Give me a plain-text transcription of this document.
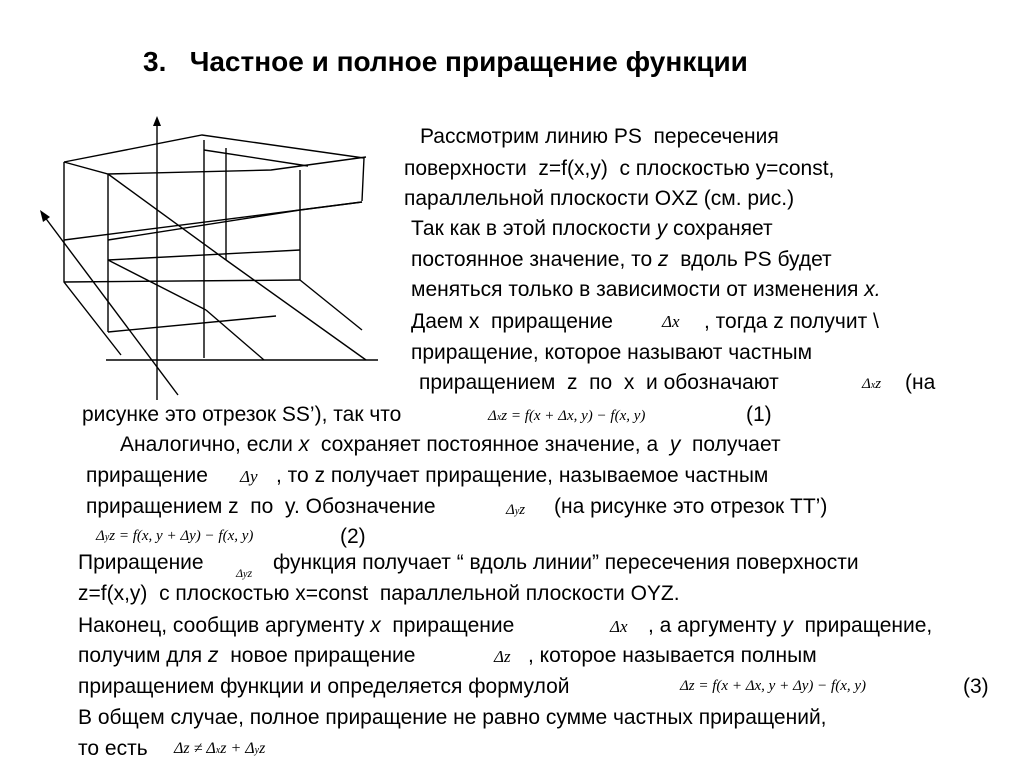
3.   Частное и полное приращение функции
Рассмотрим линию PS  пересечения
поверхности  z=f(x,y)  с плоскостью y=const,
параллельной плоскости OXZ (см. рис.)
Так как в этой плоскости y сохраняет
постоянное значение, то z вдоль PS будет
меняться только в зависимости от изменения x.
Даем x  приращение	Δx , тогда z получит \
приращение, которое называют частным
приращением  z  по  x  и обозначают	Δxz (на
рисунке это отрезок SS’), так что	Δxz = f(x + Δx, y) − f(x, y)	(1)
Аналогично, если x сохраняет постоянное значение, а y получает
приращение Δy , то z получает приращение, называемое частным
приращением z  по  y. Обозначение	Δyz (на рисунке это отрезок TT’)
Δyz = f(x, y + Δy) − f(x, y)	(2)
Приращение	Δyz функция получает “ вдоль линии” пересечения поверхности
z=f(x,y)  с плоскостью x=const  параллельной плоскости OYZ.
Наконец, сообщив аргументу x приращение	Δx , а аргументу y приращение,
получим для z новое приращение	Δz , которое называется полным
приращением функции и определяется формулой	Δz = f(x + Δx, y + Δy) − f(x, y)	(3)
В общем случае, полное приращение не равно сумме частных приращений,
то есть Δz ≠ Δxz + Δyz
